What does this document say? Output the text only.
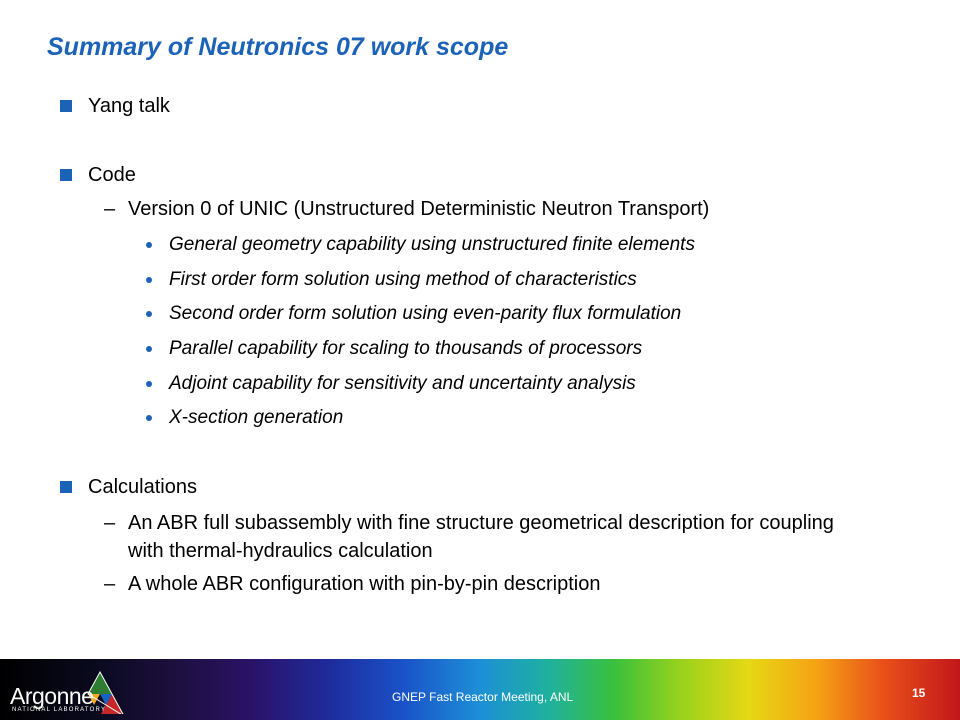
Summary of Neutronics 07 work scope
Yang talk
Code
– Version 0 of UNIC (Unstructured Deterministic Neutron Transport)
General geometry capability using unstructured finite elements
First order form solution using method of characteristics
Second order form solution using even-parity flux formulation
Parallel capability for scaling to thousands of processors
Adjoint capability for sensitivity and uncertainty analysis
X-section generation
Calculations
– An ABR full subassembly with fine structure geometrical description for coupling with thermal-hydraulics calculation
– A whole ABR configuration with pin-by-pin description
Argonne
NATIONAL LABORATORY
GNEP Fast Reactor Meeting, ANL	15
